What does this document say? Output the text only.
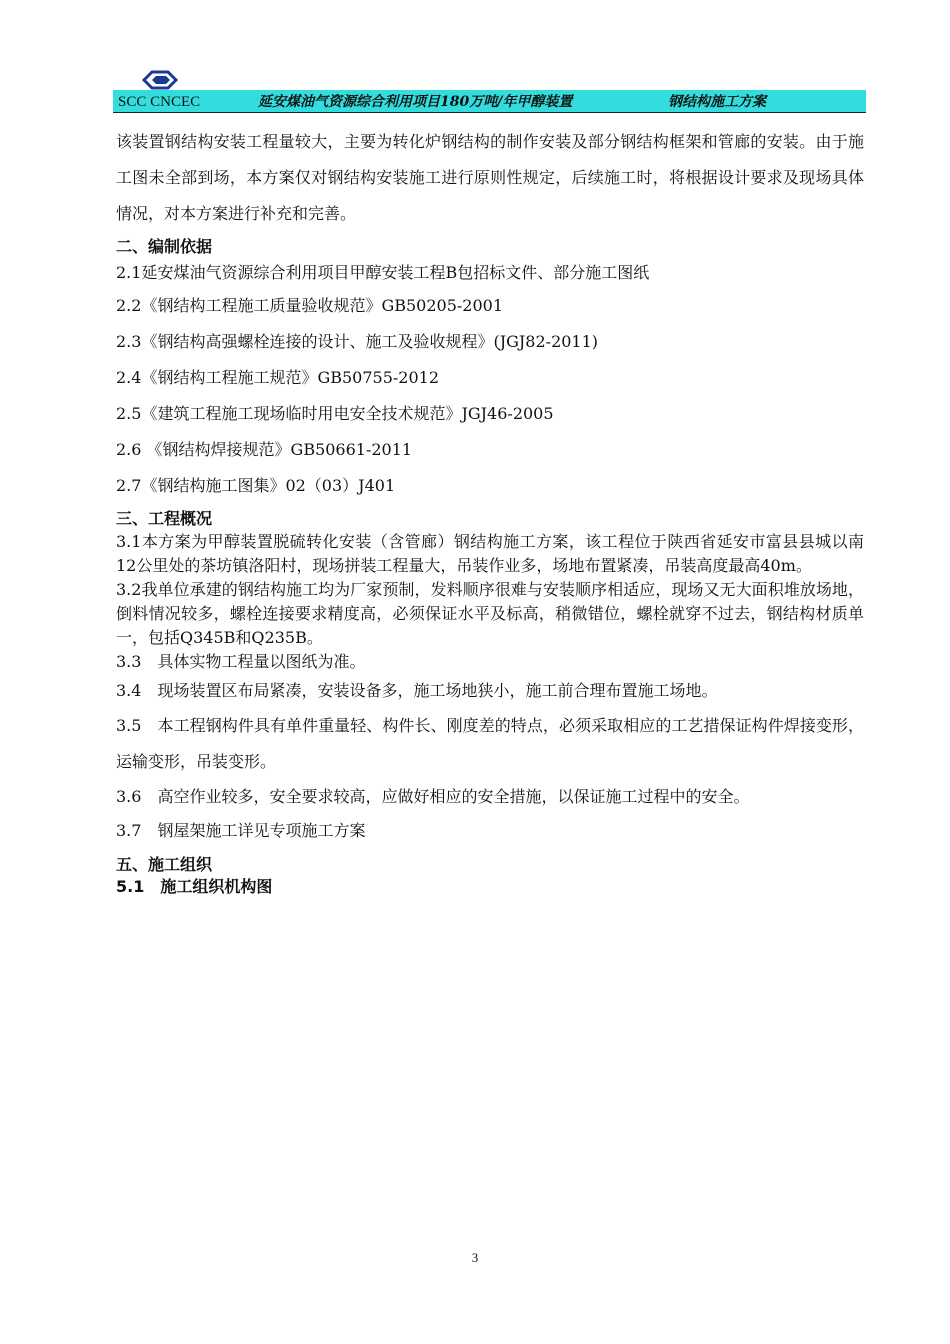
SCC CNCEC	延安煤油气资源综合利用项目180万吨/年甲醇装置	钢结构施工方案

该装置钢结构安装工程量较大，主要为转化炉钢结构的制作安装及部分钢结构框架和管廊的安装。由于施工图未全部到场，本方案仅对钢结构安装施工进行原则性规定，后续施工时，将根据设计要求及现场具体情况，对本方案进行补充和完善。

二、编制依据

2.1延安煤油气资源综合利用项目甲醇安装工程B包招标文件、部分施工图纸

2.2《钢结构工程施工质量验收规范》GB50205-2001

2.3《钢结构高强螺栓连接的设计、施工及验收规程》(JGJ82-2011)

2.4《钢结构工程施工规范》GB50755-2012

2.5《建筑工程施工现场临时用电安全技术规范》JGJ46-2005

2.6 《钢结构焊接规范》GB50661-2011

2.7《钢结构施工图集》02（03）J401

三、工程概况

3.1本方案为甲醇装置脱硫转化安装（含管廊）钢结构施工方案，该工程位于陕西省延安市富县县城以南12公里处的茶坊镇洛阳村，现场拼装工程量大，吊装作业多，场地布置紧凑，吊装高度最高40m。

3.2我单位承建的钢结构施工均为厂家预制，发料顺序很难与安装顺序相适应，现场又无大面积堆放场地，倒料情况较多，螺栓连接要求精度高，必须保证水平及标高，稍微错位，螺栓就穿不过去，钢结构材质单一，包括Q345B和Q235B。

3.3　具体实物工程量以图纸为准。

3.4　现场装置区布局紧凑，安装设备多，施工场地狭小，施工前合理布置施工场地。

3.5　本工程钢构件具有单件重量轻、构件长、刚度差的特点，必须采取相应的工艺措保证构件焊接变形，运输变形，吊装变形。

3.6　高空作业较多，安全要求较高，应做好相应的安全措施，以保证施工过程中的安全。

3.7　钢屋架施工详见专项施工方案

五、施工组织

5.1　施工组织机构图

3
